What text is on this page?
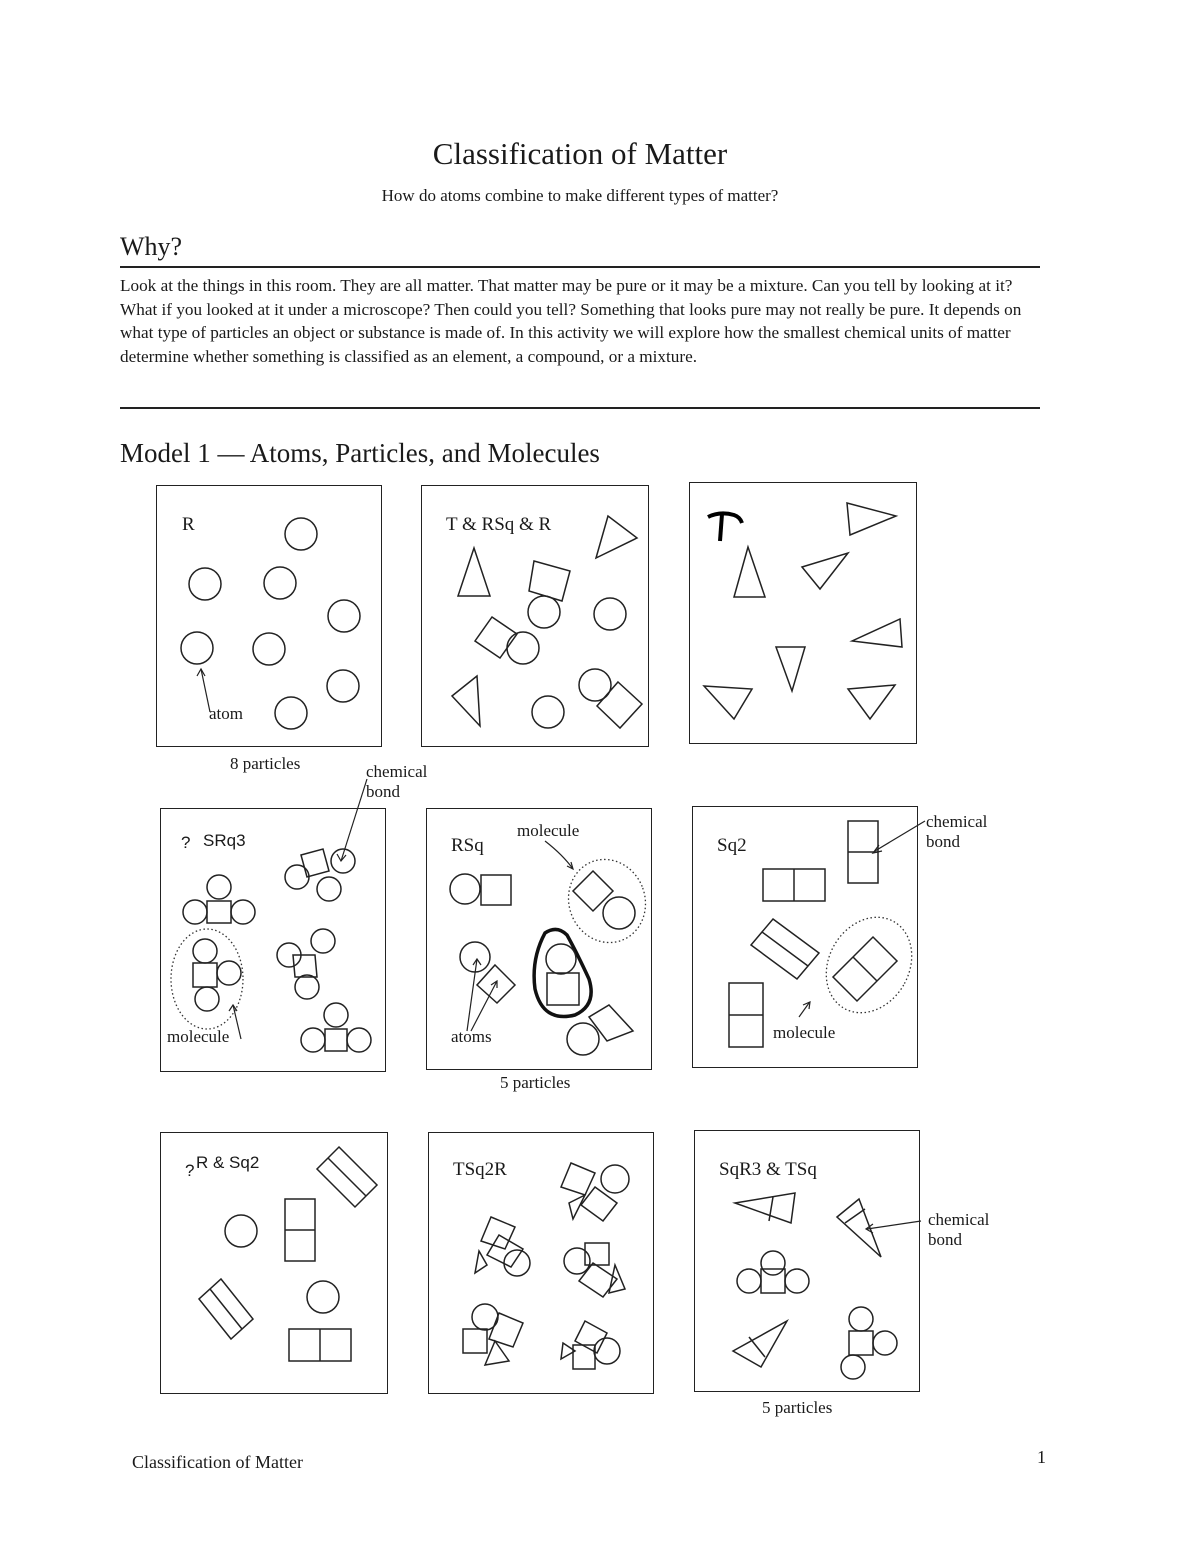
Classification of Matter
How do atoms combine to make different types of matter?
Why?
Look at the things in this room. They are all matter. That matter may be pure or it may be a mixture. Can you tell by looking at it? What if you looked at it under a microscope? Then could you tell? Something that looks pure may not really be pure. It depends on what type of particles an object or substance is made of. In this activity we will explore how the smallest chemical units of matter determine whether something is classified as an element, a compound, or a mixture.
Model 1 — Atoms, Particles, and Molecules
R
atom
8 particles
T & RSq & R
chemical
bond
? SRq3
molecule
RSq
molecule
atoms
5 particles
Sq2
molecule
chemical
bond
? R & Sq2	TSq2R	SqR3 & TSq
chemical
bond
5 particles
Classification of Matter	1
